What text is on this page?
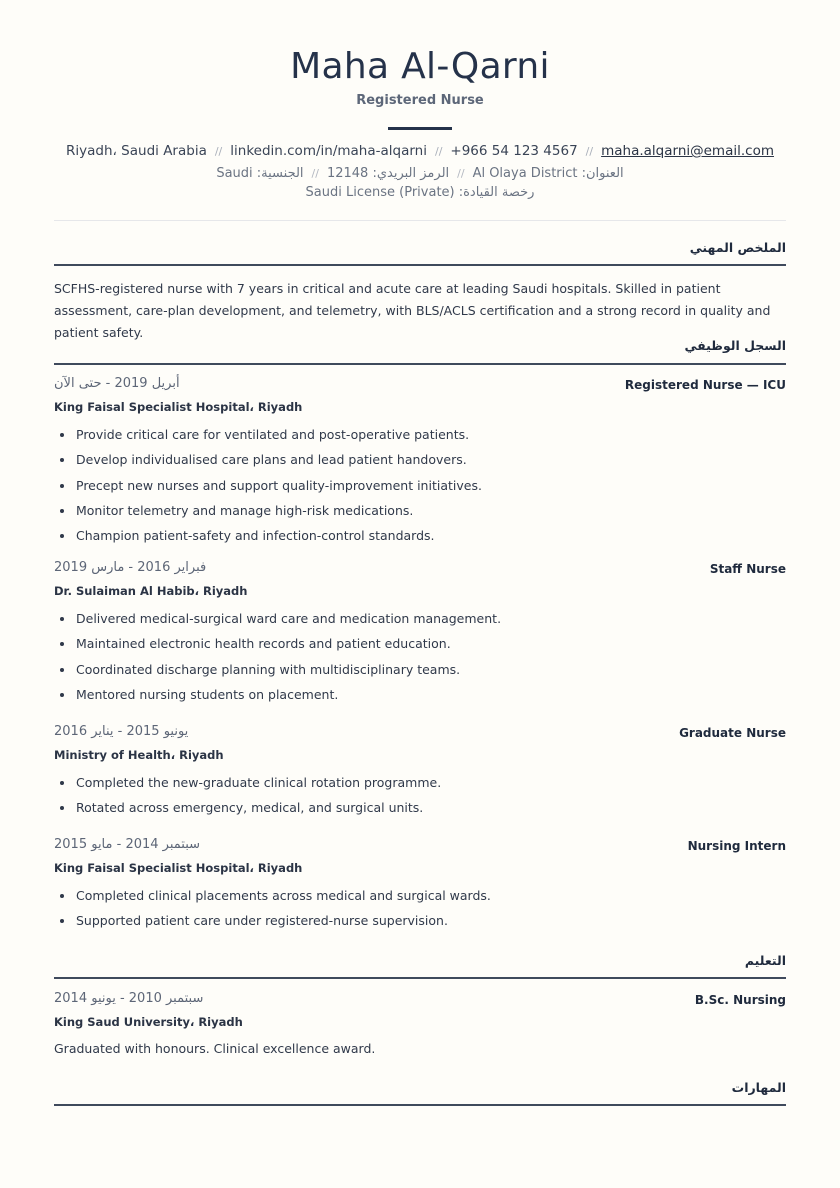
Maha Al-Qarni
Registered Nurse
Riyadh، Saudi Arabia // linkedin.com/in/maha-alqarni // +966 54 123 4567 // maha.alqarni@email.com
الجنسية: Saudi // الرمز البريدي: 12148 // العنوان: Al Olaya District
رخصة القيادة: Saudi License (Private)
الملخص المهني

SCFHS-registered nurse with 7 years in critical and acute care at leading Saudi hospitals. Skilled in patient assessment, care-plan development, and telemetry, with BLS/ACLS certification and a strong record in quality and patient safety.

السجل الوظيفي
أبريل 2019 - حتى الآن	Registered Nurse — ICU
King Faisal Specialist Hospital، Riyadh
Provide critical care for ventilated and post-operative patients.
Develop individualised care plans and lead patient handovers.
Precept new nurses and support quality-improvement initiatives.
Monitor telemetry and manage high-risk medications.
Champion patient-safety and infection-control standards.
فبراير 2016 - مارس 2019	Staff Nurse
Dr. Sulaiman Al Habib، Riyadh
Delivered medical-surgical ward care and medication management.
Maintained electronic health records and patient education.
Coordinated discharge planning with multidisciplinary teams.
Mentored nursing students on placement.
يونيو 2015 - يناير 2016	Graduate Nurse
Ministry of Health، Riyadh
Completed the new-graduate clinical rotation programme.
Rotated across emergency, medical, and surgical units.
سبتمبر 2014 - مايو 2015	Nursing Intern
King Faisal Specialist Hospital، Riyadh
Completed clinical placements across medical and surgical wards.
Supported patient care under registered-nurse supervision.
التعليم
سبتمبر 2010 - يونيو 2014	B.Sc. Nursing
King Saud University، Riyadh
Graduated with honours. Clinical excellence award.
المهارات
